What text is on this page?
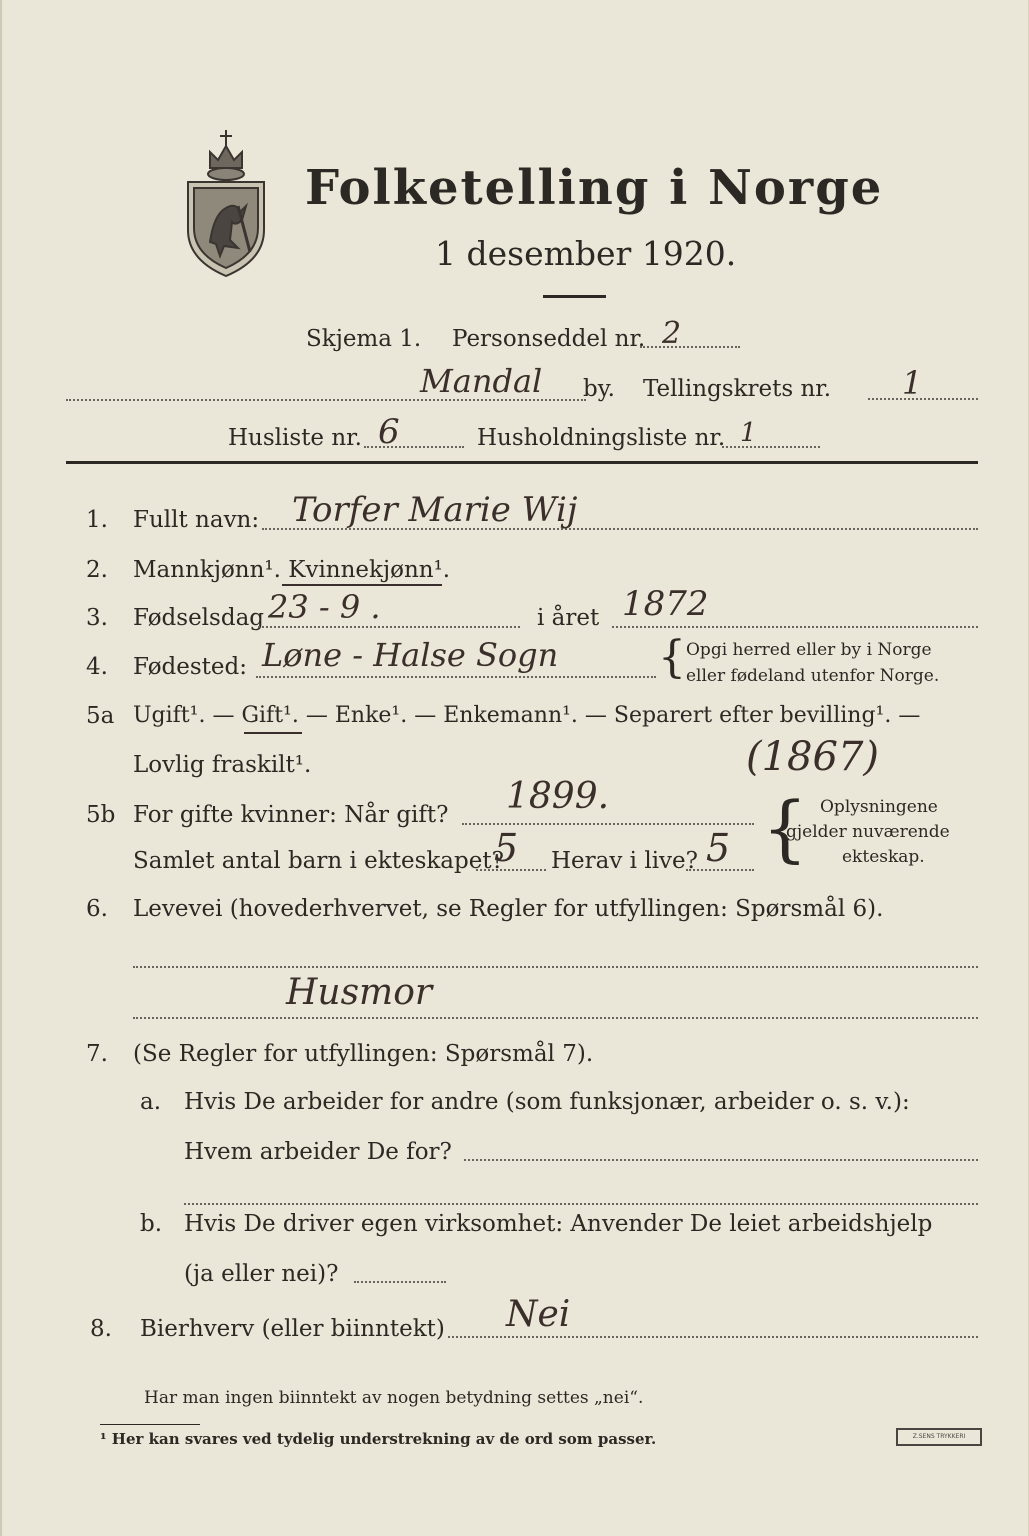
Folketelling i Norge
1 desember 1920.
Skjema 1. Personseddel nr. 2
Mandal by. Tellingskrets nr. 1
Husliste nr. 6	Husholdningsliste nr. 1
1. Fullt navn: Torfer Marie Wij
2. Mannkjønn¹. Kvinnekjønn¹.
3. Fødselsdag 23 - 9 .	i året 1872
4. Fødested: Løne - Halse Sogn { Opgi herred eller by i Norge
eller fødeland utenfor Norge.
5a Ugift¹. — Gift¹. — Enke¹. — Enkemann¹. — Separert efter bevilling¹. —
Lovlig fraskilt¹.	(1867)
5b For gifte kvinner: Når gift? 1899.
Samlet antal barn i ekteskapet?
5 Herav i live? 5 { Oplysningene
gjelder nuværende
ekteskap.
6. Levevei (hovederhvervet, se Regler for utfyllingen: Spørsmål 6).
Husmor
7. (Se Regler for utfyllingen: Spørsmål 7).
a. Hvis De arbeider for andre (som funksjonær, arbeider o. s. v.):
Hvem arbeider De for?
b. Hvis De driver egen virksomhet: Anvender De leiet arbeidshjelp
(ja eller nei)?
8. Bierhverv (eller biinntekt) Nei
Har man ingen biinntekt av nogen betydning settes „nei“.
¹ Her kan svares ved tydelig understrekning av de ord som passer.	Z.SENS TRYKKERI
